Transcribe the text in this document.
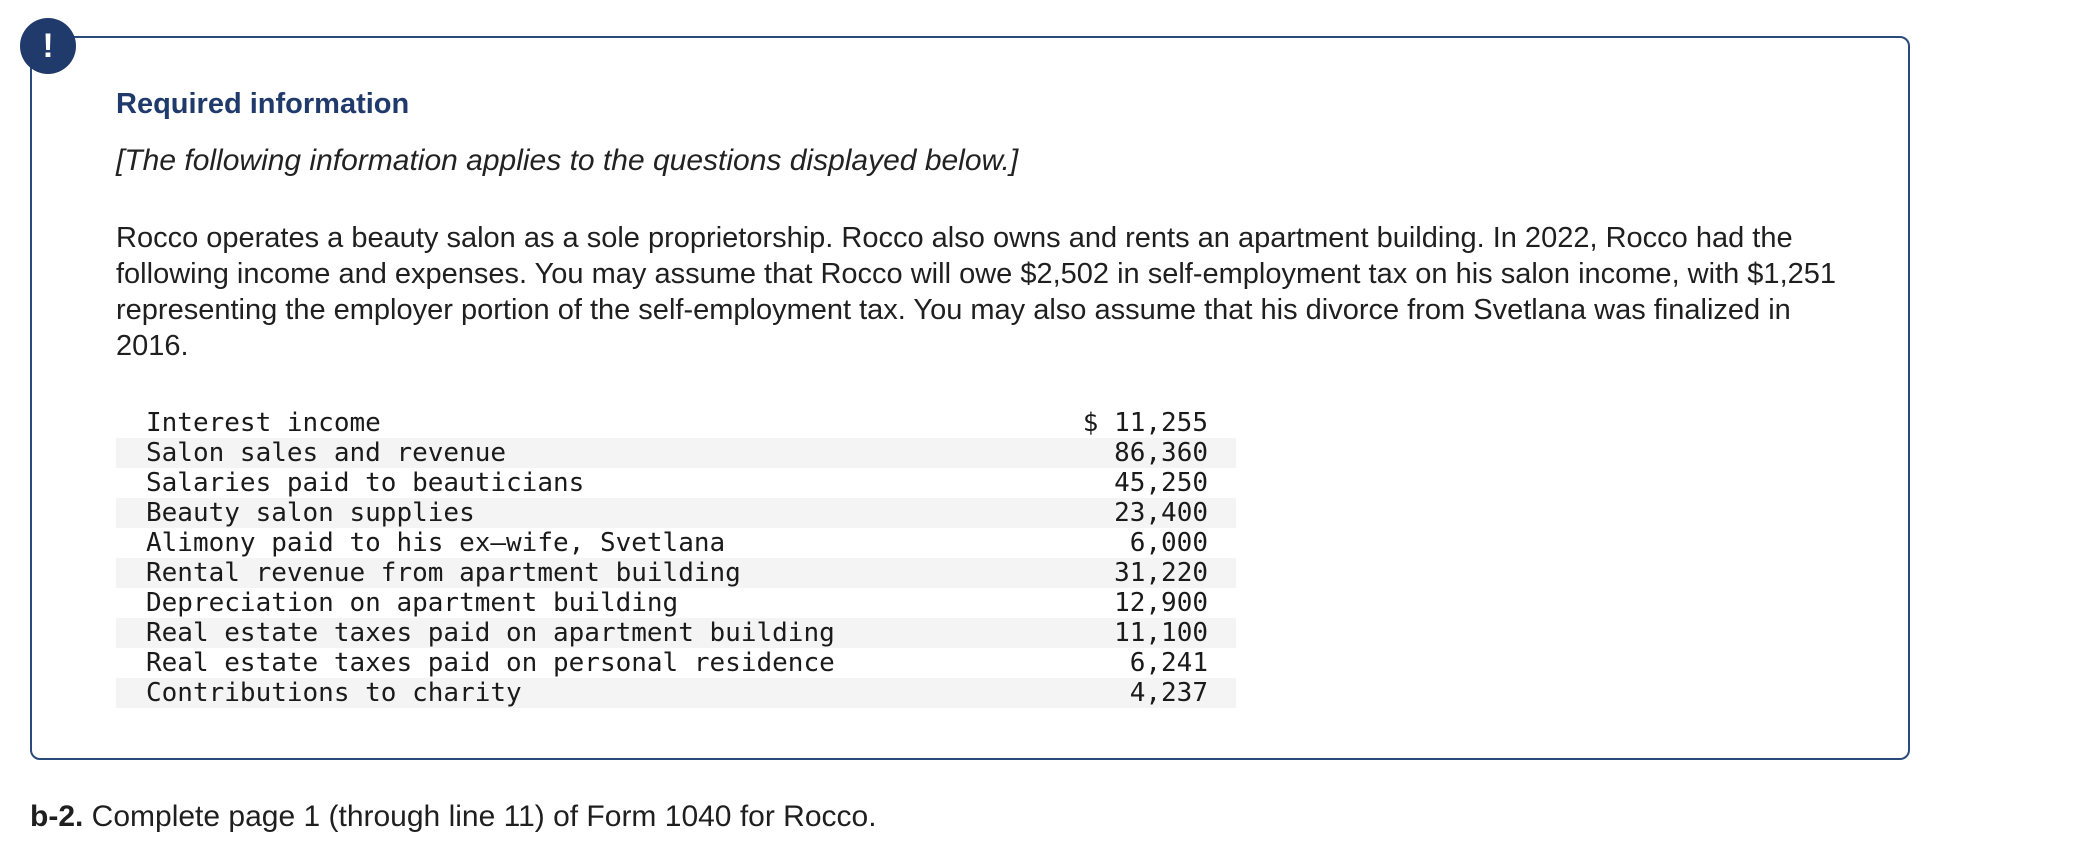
!
Required information

[The following information applies to the questions displayed below.]

Rocco operates a beauty salon as a sole proprietorship. Rocco also owns and rents an apartment building. In 2022, Rocco had the following income and expenses. You may assume that Rocco will owe $2,502 in self-employment tax on his salon income, with $1,251 representing the employer portion of the self-employment tax. You may also assume that his divorce from Svetlana was finalized in 2016.

Interest income	$ 11,255
Salon sales and revenue	86,360
Salaries paid to beauticians	45,250
Beauty salon supplies	23,400
Alimony paid to his ex–wife, Svetlana	6,000
Rental revenue from apartment building	31,220
Depreciation on apartment building	12,900
Real estate taxes paid on apartment building	11,100
Real estate taxes paid on personal residence	6,241
Contributions to charity	4,237

b-2. Complete page 1 (through line 11) of Form 1040 for Rocco.
